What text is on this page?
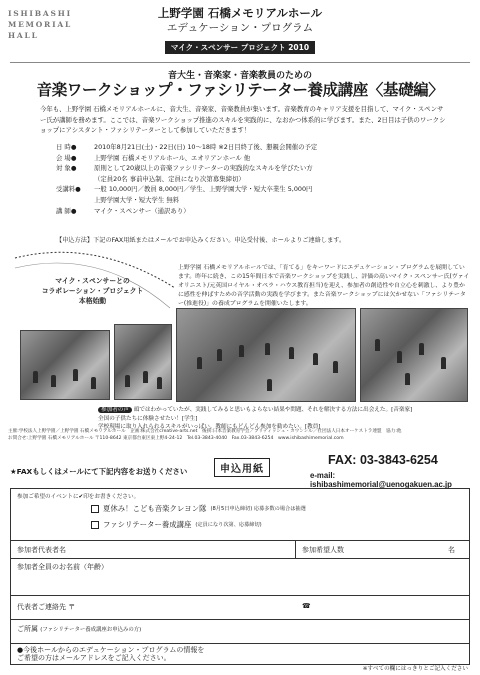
ISHIBASHI
MEMORIAL
HALL
上野学園 石橋メモリアルホール
エデュケーション・プログラム
マイク・スペンサー プロジェクト 2010
音大生・音楽家・音楽教員のための
音楽ワークショップ・ファシリテーター養成講座〈基礎編〉
今年も、上野学園 石橋メモリアルホールに、音大生、音楽家、音楽教員が集います。音楽教育のキャリア支援を目指して、マイク・スペンサー氏が講師を務めます。ここでは、音楽ワークショップ推進のスキルを実践的に、なおかつ体系的に学びます。また、2日目は子供のワークショップにアシスタント・ファシリテーターとして参加していただきます！
日 時●	2010年8月21日(土)・22日(日) 10〜18時 ※2日目終了後、懇親会開催の予定
会 場●	上野学園 石橋メモリアルホール、エオリアンホール 他
対 象●	原則として20歳以上の音楽ファシリテーターの実践的なスキルを学びたい方
（定員20名 事前申込制、定員になり次第募集締切）
受講料●	一般 10,000円／教員 8,000円／学生、上野学園大学・短大卒業生 5,000円
上野学園大学・短大学生 無料
講 師●	マイク・スペンサー（通訳あり）
【申込方法】下記のFAX用紙またはメールでお申込みください。申込受付後、ホールよりご連絡します。
マイク・スペンサーとの
コラボレーション・プロジェクト
本格始動
上野学園 石橋メモリアルホールでは、「育てる」をキーワードにエデュケーション・プログラムを展開しています。昨年に続き、この15年間日本で音楽ワークショップを実践し、評価の高いマイク・スペンサー氏(ヴァイオリニスト/元英国ロイヤル・オペラ・ハウス教育担当)を迎え、参加者の創造性や自立心を刺激し、より豊かに感性を伸ばすための音学活動の実践を学びます。また音楽ワークショップには欠かせない「ファシリテーター(推進役)」の養成プログラムを開催いたします。
参加者の声 頭ではわかっていたが、実践してみると思いもよらない結果や問題、それを解決する方法に出会えた。[音楽家]
全国の子供たちに体験させたい！[学生]
学校現場に取り入れられるスキルがいっぱい。教師にもどんどん参加を勧めたい。[教員]
主催:学校法人上野学園／上野学園 石橋メモリアルホール　企画:株式会社creative-arts.net　後援:日本音楽教育学会／ブリティッシュ・カウンシル／社団法人日本オーケストラ連盟　協力:他
お問合せ:上野学園 石橋メモリアルホール 〒110-8642 東京都台東区東上野4-24-12　Tel.03-3843-4040　Fax.03-3843-6254　www.ishibashimemorial.com
★FAXもしくはメールにて下記内容をお送りください	申込用紙
FAX: 03-3843-6254
e-mail: ishibashimemorial@uenogakuen.ac.jp
参加ご希望のイベントに✔印をお書きください。
夏休み！こども音楽クレヨン隊 (8月5日申込締切) 応募多数の場合は抽選
ファシリテーター養成講座 (定員になり次第、応募締切)
参加者代表者名	参加希望人数	名
参加者全員のお名前（年齢）
代表者ご連絡先 〒	☎
ご所属 (ファシリテーター養成講座お申込みの方)
●今後ホールからのエデュケーション・プログラムの情報を
ご希望の方はメールアドレスをご記入ください。
※すべての欄にはっきりとご記入ください
